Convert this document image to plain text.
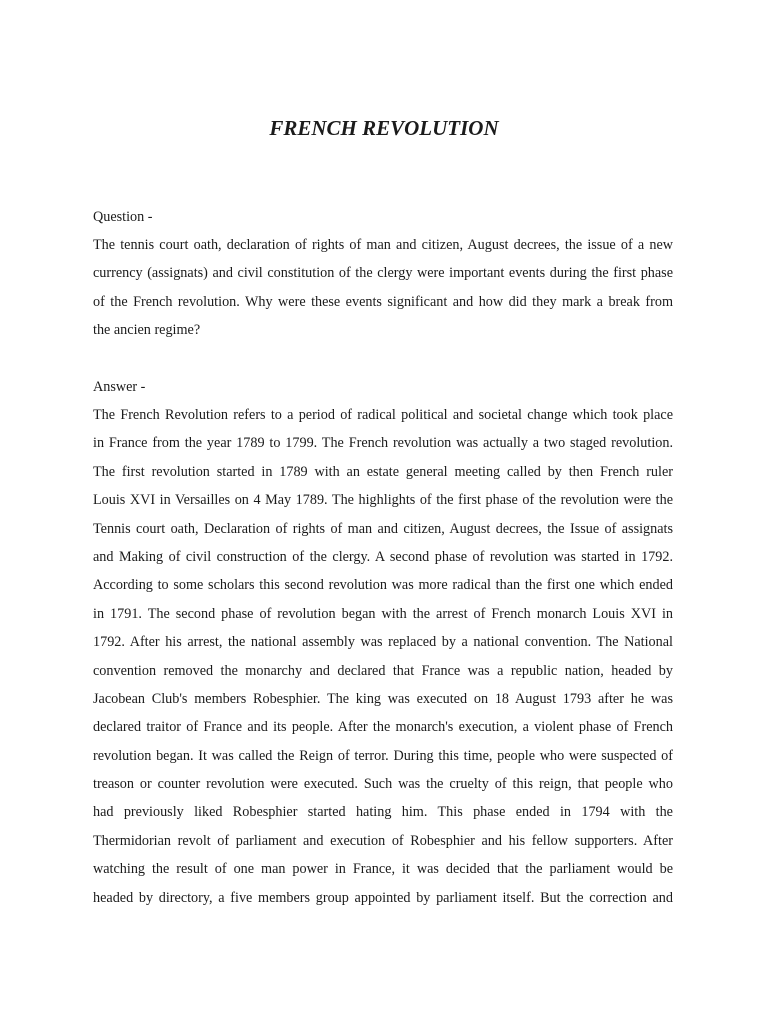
FRENCH REVOLUTION
Question -
The tennis court oath, declaration of rights of man and citizen, August decrees, the issue of a new
currency (assignats) and civil constitution of the clergy were important events during the first phase
of the French revolution. Why were these events significant and how did they mark a break from
the ancien regime?
Answer -
The French Revolution refers to a period of radical political and societal change which took place
in France from the year 1789 to 1799. The French revolution was actually a two staged revolution.
The first revolution started in 1789 with an estate general meeting called by then French ruler
Louis XVI in Versailles on 4 May 1789. The highlights of the first phase of the revolution were the
Tennis court oath, Declaration of rights of man and citizen, August decrees, the Issue of assignats
and Making of civil construction of the clergy. A second phase of revolution was started in 1792.
According to some scholars this second revolution was more radical than the first one which ended
in 1791. The second phase of revolution began with the arrest of French monarch Louis XVI in
1792. After his arrest, the national assembly was replaced by a national convention. The National
convention removed the monarchy and declared that France was a republic nation, headed by
Jacobean Club's members Robesphier. The king was executed on 18 August 1793 after he was
declared traitor of France and its people. After the monarch's execution, a violent phase of French
revolution began. It was called the Reign of terror. During this time, people who were suspected of
treason or counter revolution were executed. Such was the cruelty of this reign, that people who
had previously liked Robesphier started hating him. This phase ended in 1794 with the
Thermidorian revolt of parliament and execution of Robesphier and his fellow supporters. After
watching the result of one man power in France, it was decided that the parliament would be
headed by directory, a five members group appointed by parliament itself. But the correction and
